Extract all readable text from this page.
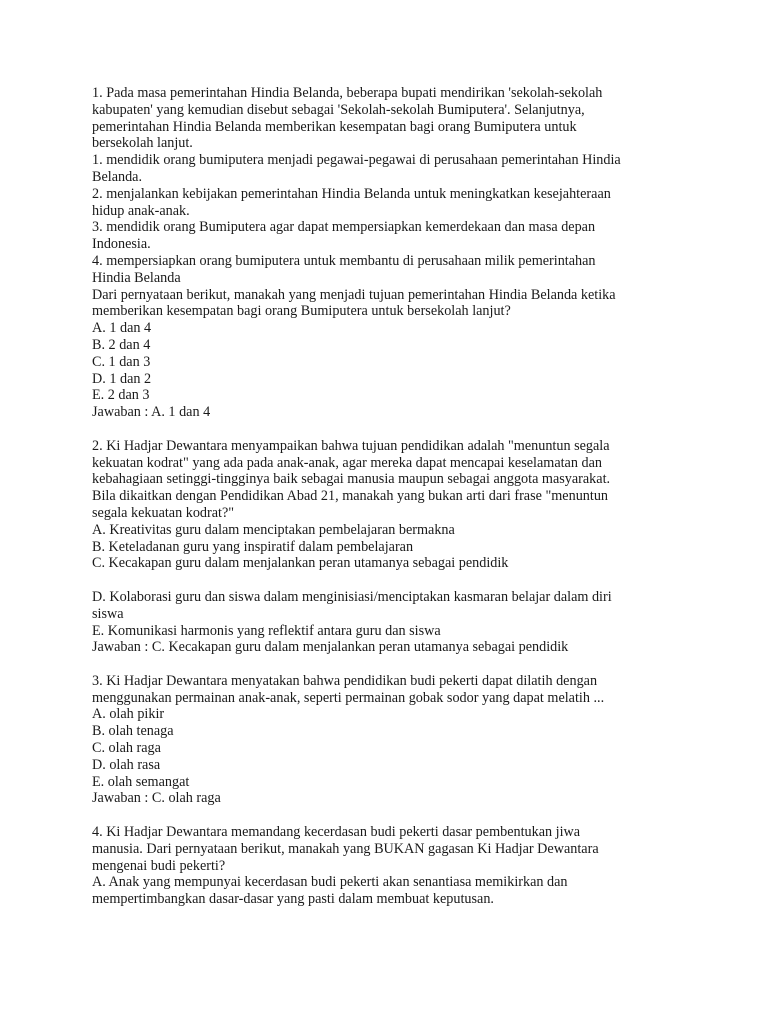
1. Pada masa pemerintahan Hindia Belanda, beberapa bupati mendirikan 'sekolah-sekolah
kabupaten' yang kemudian disebut sebagai 'Sekolah-sekolah Bumiputera'. Selanjutnya,
pemerintahan Hindia Belanda memberikan kesempatan bagi orang Bumiputera untuk
bersekolah lanjut.
1. mendidik orang bumiputera menjadi pegawai-pegawai di perusahaan pemerintahan Hindia
Belanda.
2. menjalankan kebijakan pemerintahan Hindia Belanda untuk meningkatkan kesejahteraan
hidup anak-anak.
3. mendidik orang Bumiputera agar dapat mempersiapkan kemerdekaan dan masa depan
Indonesia.
4. mempersiapkan orang bumiputera untuk membantu di perusahaan milik pemerintahan
Hindia Belanda
Dari pernyataan berikut, manakah yang menjadi tujuan pemerintahan Hindia Belanda ketika
memberikan kesempatan bagi orang Bumiputera untuk bersekolah lanjut?
A. 1 dan 4
B. 2 dan 4
C. 1 dan 3
D. 1 dan 2
E. 2 dan 3
Jawaban : A. 1 dan 4
2. Ki Hadjar Dewantara menyampaikan bahwa tujuan pendidikan adalah "menuntun segala
kekuatan kodrat" yang ada pada anak-anak, agar mereka dapat mencapai keselamatan dan
kebahagiaan setinggi-tingginya baik sebagai manusia maupun sebagai anggota masyarakat.
Bila dikaitkan dengan Pendidikan Abad 21, manakah yang bukan arti dari frase "menuntun
segala kekuatan kodrat?"
A. Kreativitas guru dalam menciptakan pembelajaran bermakna
B. Keteladanan guru yang inspiratif dalam pembelajaran
C. Kecakapan guru dalam menjalankan peran utamanya sebagai pendidik
D. Kolaborasi guru dan siswa dalam menginisiasi/menciptakan kasmaran belajar dalam diri
siswa
E. Komunikasi harmonis yang reflektif antara guru dan siswa
Jawaban : C. Kecakapan guru dalam menjalankan peran utamanya sebagai pendidik
3. Ki Hadjar Dewantara menyatakan bahwa pendidikan budi pekerti dapat dilatih dengan
menggunakan permainan anak-anak, seperti permainan gobak sodor yang dapat melatih ...
A. olah pikir
B. olah tenaga
C. olah raga
D. olah rasa
E. olah semangat
Jawaban : C. olah raga
4. Ki Hadjar Dewantara memandang kecerdasan budi pekerti dasar pembentukan jiwa
manusia. Dari pernyataan berikut, manakah yang BUKAN gagasan Ki Hadjar Dewantara
mengenai budi pekerti?
A. Anak yang mempunyai kecerdasan budi pekerti akan senantiasa memikirkan dan
mempertimbangkan dasar-dasar yang pasti dalam membuat keputusan.
